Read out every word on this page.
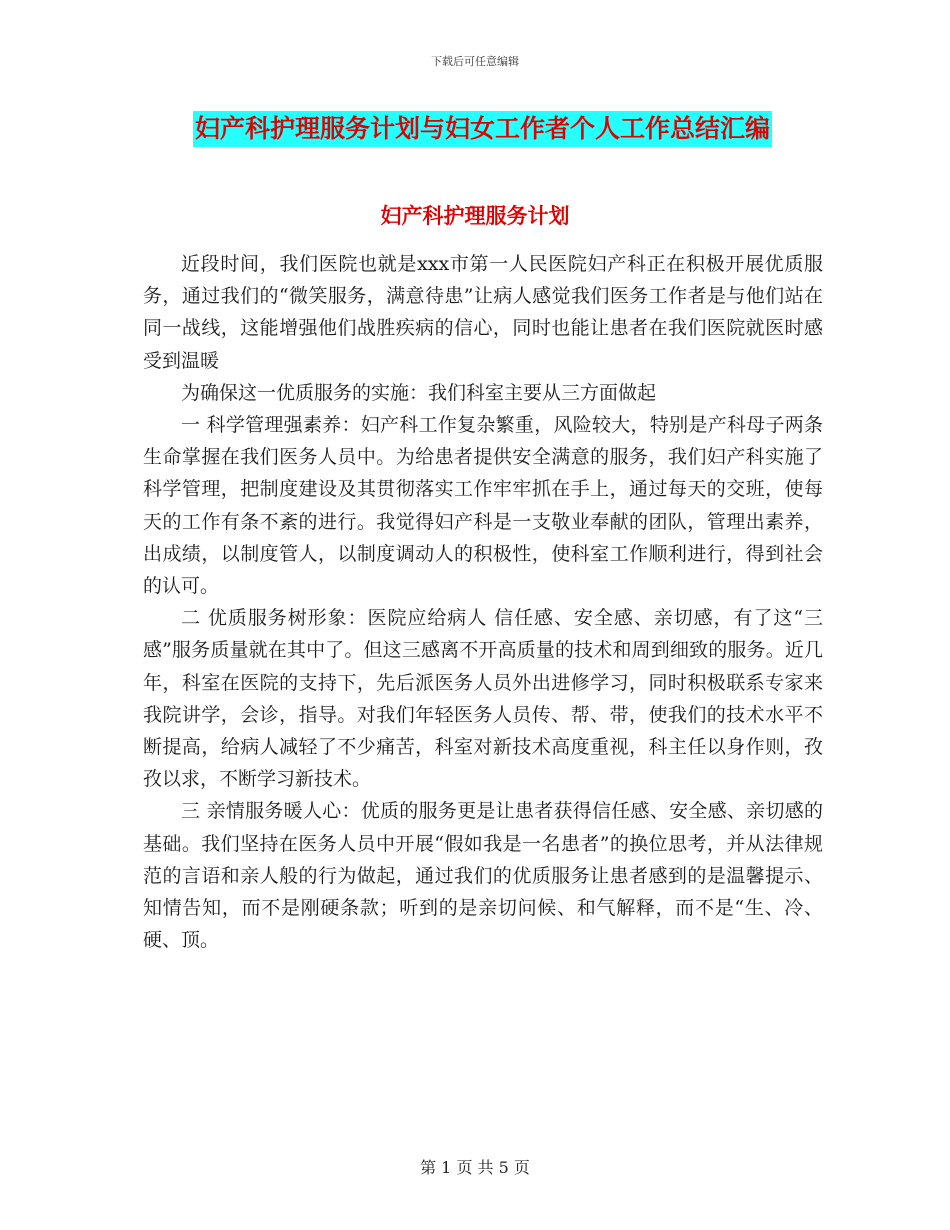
下载后可任意编辑
妇产科护理服务计划与妇女工作者个人工作总结汇编
妇产科护理服务计划

近段时间，我们医院也就是xxx市第一人民医院妇产科正在积极开展优质服务，通过我们的“微笑服务，满意待患”让病人感觉我们医务工作者是与他们站在同一战线，这能增强他们战胜疾病的信心，同时也能让患者在我们医院就医时感受到温暖

为确保这一优质服务的实施：我们科室主要从三方面做起

一 科学管理强素养：妇产科工作复杂繁重，风险较大，特别是产科母子两条生命掌握在我们医务人员中。为给患者提供安全满意的服务，我们妇产科实施了科学管理，把制度建设及其贯彻落实工作牢牢抓在手上，通过每天的交班，使每天的工作有条不紊的进行。我觉得妇产科是一支敬业奉献的团队，管理出素养，出成绩，以制度管人，以制度调动人的积极性，使科室工作顺利进行，得到社会的认可。

二 优质服务树形象：医院应给病人 信任感、安全感、亲切感，有了这“三感”服务质量就在其中了。但这三感离不开高质量的技术和周到细致的服务。近几年，科室在医院的支持下，先后派医务人员外出进修学习，同时积极联系专家来我院讲学，会诊，指导。对我们年轻医务人员传、帮、带，使我们的技术水平不断提高，给病人减轻了不少痛苦，科室对新技术高度重视，科主任以身作则，孜孜以求，不断学习新技术。

三 亲情服务暖人心：优质的服务更是让患者获得信任感、安全感、亲切感的基础。我们坚持在医务人员中开展“假如我是一名患者”的换位思考，并从法律规范的言语和亲人般的行为做起，通过我们的优质服务让患者感到的是温馨提示、知情告知，而不是刚硬条款；听到的是亲切问候、和气解释，而不是“生、冷、硬、顶。

第 1 页 共 5 页
